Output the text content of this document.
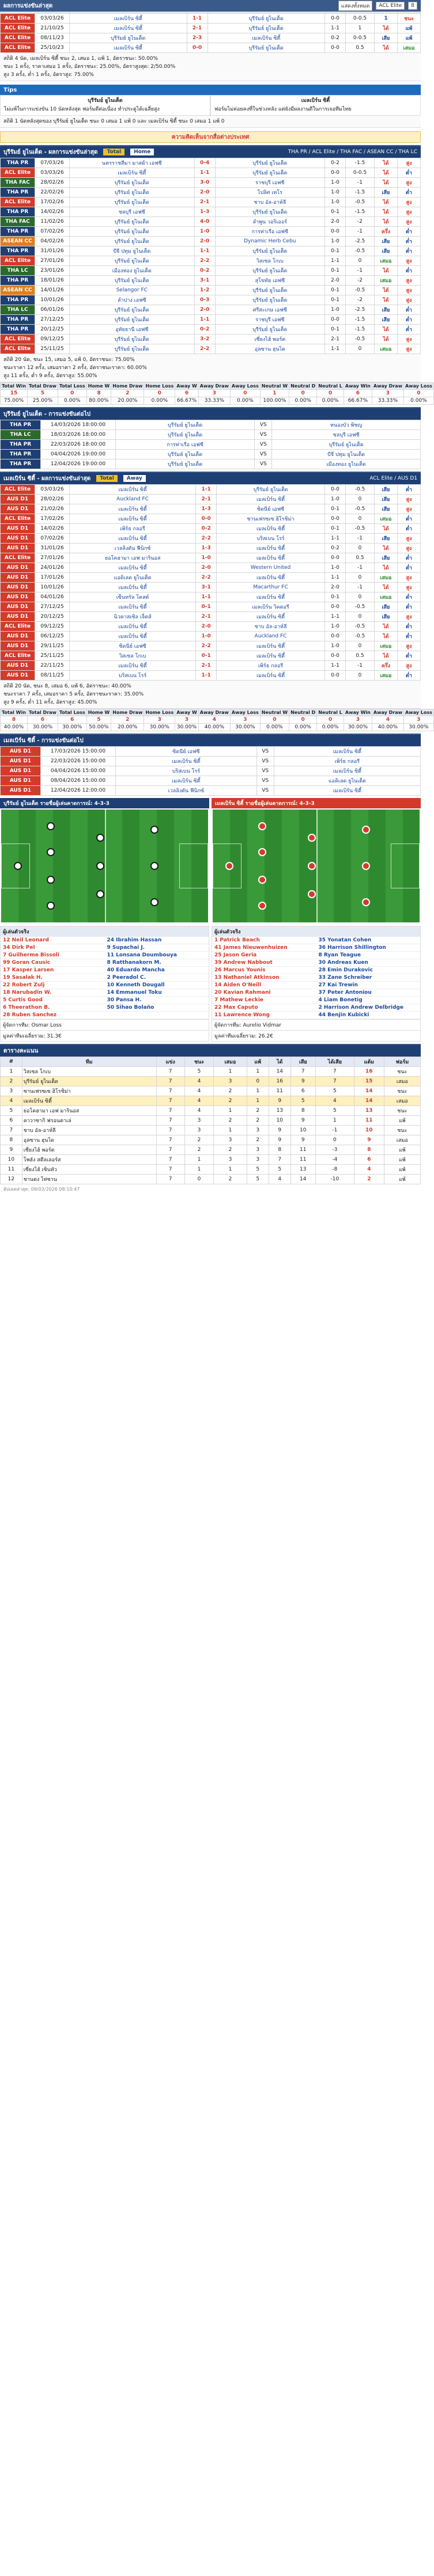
ผลการแข่งขันล่าสุด	แสดงทั้งหมด	ACL Elite	8

ACL Elite	03/03/26	เมลเบิร์น ซิตี้	1-1	บุรีรัมย์ ยูไนเต็ด	0-0	0-0.5	1	ชนะ
ACL Elite	21/10/25	เมลเบิร์น ซิตี้	2-1	บุรีรัมย์ ยูไนเต็ด	1-1	1	ได้	แพ้
ACL Elite	08/11/23	บุรีรัมย์ ยูไนเต็ด	2-3	เมลเบิร์น ซิตี้	0-2	0-0.5	เสีย	แพ้
ACL Elite	25/10/23	เมลเบิร์น ซิตี้	0-0	บุรีรัมย์ ยูไนเต็ด	0-0	0.5	ได้	เสมอ
สถิติ 4 นัด, เมลเบิร์น ซิตี้ ชนะ 2, เสมอ 1, แพ้ 1, อัตราชนะ: 50.00%
ชนะ 1 ครั้ง, ราคาเสมอ 1 ครั้ง, อัตราชนะ: 25.00%, อัตราสูงสุด: 2/50.00%
สูง 3 ครั้ง, ต่ำ 1 ครั้ง, อัตราสูง: 75.00%
Tips
บุรีรัมย์ ยูไนเต็ด
ไม่แพ้ในการแข่งขัน 10 นัดหลังสุด ฟอร์มดีต่อเนื่อง ทำประตูได้เฉลี่ยสูง
เมลเบิร์น ซิตี้
ฟอร์มไม่ค่อยคงที่ในช่วงหลัง แต่ยังมีผลงานดีในการเจอทีมไทย
สถิติ 1 นัดหลังสุดของ บุรีรัมย์ ยูไนเต็ด ชนะ 0 เสมอ 1 แพ้ 0 และ เมลเบิร์น ซิตี้ ชนะ 0 เสมอ 1 แพ้ 0
ความคิดเห็นจากสื่อต่างประเทศ
บุรีรัมย์ ยูไนเต็ด - ผลการแข่งขันล่าสุด	Total	Home	THA PR / ACL Elite / THA FAC / ASEAN CC / THA LC
THA PR	07/03/26	นครราชสีมา มาสด้า เอฟซี	0-4	บุรีรัมย์ ยูไนเต็ด	0-2	-1.5	ได้	สูง
ACL Elite	03/03/26	เมลเบิร์น ซิตี้	1-1	บุรีรัมย์ ยูไนเต็ด	0-0	0-0.5	ได้	ต่ำ
THA FAC	28/02/26	บุรีรัมย์ ยูไนเต็ด	3-0	ราชบุรี เอฟซี	1-0	-1	ได้	สูง
THA PR	22/02/26	บุรีรัมย์ ยูไนเต็ด	2-0	โปลิศ เทโร	1-0	-1.5	เสีย	ต่ำ
ACL Elite	17/02/26	บุรีรัมย์ ยูไนเต็ด	2-1	ชาบ อัล-อาห์ลี	1-0	-0.5	ได้	สูง
THA PR	14/02/26	ชลบุรี เอฟซี	1-3	บุรีรัมย์ ยูไนเต็ด	0-1	-1.5	ได้	สูง
THA FAC	11/02/26	บุรีรัมย์ ยูไนเต็ด	4-0	ลำพูน วอริเออร์	2-0	-2	ได้	สูง
THA PR	07/02/26	บุรีรัมย์ ยูไนเต็ด	1-0	การท่าเรือ เอฟซี	0-0	-1	ครึ่ง	ต่ำ
ASEAN CC	04/02/26	บุรีรัมย์ ยูไนเต็ด	2-0	Dynamic Herb Cebu	1-0	-2.5	เสีย	ต่ำ
THA PR	31/01/26	บีจี ปทุม ยูไนเต็ด	1-1	บุรีรัมย์ ยูไนเต็ด	0-1	-0.5	เสีย	ต่ำ
ACL Elite	27/01/26	บุรีรัมย์ ยูไนเต็ด	2-2	วิสเซล โกเบ	1-1	0	เสมอ	สูง
THA LC	23/01/26	เมืองทอง ยูไนเต็ด	0-2	บุรีรัมย์ ยูไนเต็ด	0-1	-1	ได้	ต่ำ
THA PR	18/01/26	บุรีรัมย์ ยูไนเต็ด	3-1	สุโขทัย เอฟซี	2-0	-2	เสมอ	สูง
ASEAN CC	14/01/26	Selangor FC	1-2	บุรีรัมย์ ยูไนเต็ด	0-1	-0.5	ได้	สูง
THA PR	10/01/26	ลำปาง เอฟซี	0-3	บุรีรัมย์ ยูไนเต็ด	0-1	-2	ได้	สูง
THA LC	06/01/26	บุรีรัมย์ ยูไนเต็ด	2-0	ศรีสะเกษ เอฟซี	1-0	-2.5	เสีย	ต่ำ
THA PR	27/12/25	บุรีรัมย์ ยูไนเต็ด	1-1	ราชบุรี เอฟซี	0-0	-1.5	เสีย	ต่ำ
THA PR	20/12/25	อุทัยธานี เอฟซี	0-2	บุรีรัมย์ ยูไนเต็ด	0-1	-1.5	ได้	ต่ำ
ACL Elite	09/12/25	บุรีรัมย์ ยูไนเต็ด	3-2	เซี่ยงไฮ้ พอร์ต	2-1	-0.5	ได้	สูง
ACL Elite	25/11/25	บุรีรัมย์ ยูไนเต็ด	2-2	อุลซาน ฮุนได	1-1	0	เสมอ	สูง
สถิติ 20 นัด, ชนะ 15, เสมอ 5, แพ้ 0, อัตราชนะ: 75.00%
ชนะราคา 12 ครั้ง, เสมอราคา 2 ครั้ง, อัตราชนะราคา: 60.00%
สูง 11 ครั้ง, ต่ำ 9 ครั้ง, อัตราสูง: 55.00%
Total Win	Total Draw	Total Loss	Home W	Home Draw	Home Loss	Away W	Away Draw	Away Loss	Neutral W	Neutral D	Neutral L	Away Win	Away Draw	Away Loss
15	5	0	8	2	0	6	3	0	1	0	0	6	3	0
75.00%	25.00%	0.00%	80.00%	20.00%	0.00%	66.67%	33.33%	0.00%	100.00%	0.00%	0.00%	66.67%	33.33%	0.00%
บุรีรัมย์ ยูไนเต็ด - การแข่งขันต่อไป
THA PR	14/03/2026 18:00:00	บุรีรัมย์ ยูไนเต็ด	VS	หนองบัว พิชญ
THA LC	18/03/2026 18:00:00	บุรีรัมย์ ยูไนเต็ด	VS	ชลบุรี เอฟซี
THA PR	22/03/2026 18:00:00	การท่าเรือ เอฟซี	VS	บุรีรัมย์ ยูไนเต็ด
THA PR	04/04/2026 19:00:00	บุรีรัมย์ ยูไนเต็ด	VS	บีจี ปทุม ยูไนเต็ด
THA PR	12/04/2026 19:00:00	บุรีรัมย์ ยูไนเต็ด	VS	เมืองทอง ยูไนเต็ด
เมลเบิร์น ซิตี้ - ผลการแข่งขันล่าสุด	Total	Away	ACL Elite / AUS D1
ACL Elite	03/03/26	เมลเบิร์น ซิตี้	1-1	บุรีรัมย์ ยูไนเต็ด	0-0	-0.5	เสีย	ต่ำ
AUS D1	28/02/26	Auckland FC	2-1	เมลเบิร์น ซิตี้	1-0	0	เสีย	สูง
AUS D1	21/02/26	เมลเบิร์น ซิตี้	1-3	ซิดนีย์ เอฟซี	0-1	-0.5	เสีย	สูง
ACL Elite	17/02/26	เมลเบิร์น ซิตี้	0-0	ซานเฟรซเซ ฮิโรชิม่า	0-0	0	เสมอ	ต่ำ
AUS D1	14/02/26	เพิร์ธ กลอรี	0-2	เมลเบิร์น ซิตี้	0-1	-0.5	ได้	ต่ำ
AUS D1	07/02/26	เมลเบิร์น ซิตี้	2-2	บริสเบน โรร์	1-1	-1	เสีย	สูง
AUS D1	31/01/26	เวลลิงตัน ฟีนิกซ์	1-3	เมลเบิร์น ซิตี้	0-2	0	ได้	สูง
ACL Elite	27/01/26	ยอโคฮามา เอฟ มารินอส	1-0	เมลเบิร์น ซิตี้	0-0	0.5	เสีย	ต่ำ
AUS D1	24/01/26	เมลเบิร์น ซิตี้	2-0	Western United	1-0	-1	ได้	ต่ำ
AUS D1	17/01/26	แอดิเลด ยูไนเต็ด	2-2	เมลเบิร์น ซิตี้	1-1	0	เสมอ	สูง
AUS D1	10/01/26	เมลเบิร์น ซิตี้	3-1	Macarthur FC	2-0	-1	ได้	สูง
AUS D1	04/01/26	เซ็นทรัล โคสต์	1-1	เมลเบิร์น ซิตี้	0-1	0	เสมอ	ต่ำ
AUS D1	27/12/25	เมลเบิร์น ซิตี้	0-1	เมลเบิร์น วิคตอรี	0-0	-0.5	เสีย	ต่ำ
AUS D1	20/12/25	นิวคาสเซิล เจ็ตส์	2-1	เมลเบิร์น ซิตี้	1-1	0	เสีย	สูง
ACL Elite	09/12/25	เมลเบิร์น ซิตี้	2-0	ชาบ อัล-อาห์ลี	1-0	-0.5	ได้	ต่ำ
AUS D1	06/12/25	เมลเบิร์น ซิตี้	1-0	Auckland FC	0-0	-0.5	ได้	ต่ำ
AUS D1	29/11/25	ซิดนีย์ เอฟซี	2-2	เมลเบิร์น ซิตี้	1-0	0	เสมอ	สูง
ACL Elite	25/11/25	วิสเซล โกเบ	0-1	เมลเบิร์น ซิตี้	0-0	0.5	ได้	ต่ำ
AUS D1	22/11/25	เมลเบิร์น ซิตี้	2-1	เพิร์ธ กลอรี	1-1	-1	ครึ่ง	สูง
AUS D1	08/11/25	บริสเบน โรร์	1-1	เมลเบิร์น ซิตี้	0-0	0	เสมอ	ต่ำ
สถิติ 20 นัด, ชนะ 8, เสมอ 6, แพ้ 6, อัตราชนะ: 40.00%
ชนะราคา 7 ครั้ง, เสมอราคา 5 ครั้ง, อัตราชนะราคา: 35.00%
สูง 9 ครั้ง, ต่ำ 11 ครั้ง, อัตราสูง: 45.00%
Total Win	Total Draw	Total Loss	Home W	Home Draw	Home Loss	Away W	Away Draw	Away Loss	Neutral W	Neutral D	Neutral L	Away Win	Away Draw	Away Loss
8	6	6	5	2	3	3	4	3	0	0	0	3	4	3
40.00%	30.00%	30.00%	50.00%	20.00%	30.00%	30.00%	40.00%	30.00%	0.00%	0.00%	0.00%	30.00%	40.00%	30.00%
เมลเบิร์น ซิตี้ - การแข่งขันต่อไป
AUS D1	17/03/2026 15:00:00	ซิดนีย์ เอฟซี	VS	เมลเบิร์น ซิตี้
AUS D1	22/03/2026 15:00:00	เมลเบิร์น ซิตี้	VS	เพิร์ธ กลอรี
AUS D1	04/04/2026 15:00:00	บริสเบน โรร์	VS	เมลเบิร์น ซิตี้
AUS D1	08/04/2026 15:00:00	เมลเบิร์น ซิตี้	VS	แอดิเลด ยูไนเต็ด
AUS D1	12/04/2026 12:00:00	เวลลิงตัน ฟีนิกซ์	VS	เมลเบิร์น ซิตี้
บุรีรัมย์ ยูไนเต็ด รายชื่อผู้เล่นคาดการณ์: 4-3-3	เมลเบิร์น ซิตี้ รายชื่อผู้เล่นคาดการณ์: 4-3-3
ผู้เล่นตัวจริง
12 Neil Leonard	24 Ibrahim Hassan
34 Dirk Pel	9 Supachai J.
7 Guilherme Bissoli	11 Lonsana Doumbouya
99 Goran Causic	8 Ratthanakorn M.
17 Kasper Larsen	40 Eduardo Mancha
19 Sasalak H.	2 Peeradol C.
22 Robert Zulj	10 Kenneth Dougall
18 Narubadin W.	14 Emmanuel Toku
5 Curtis Good	30 Pansa H.
6 Theerathon B.	50 Sihao Bolaño
28 Ruben Sanchez
ผู้จัดการทีม: Osmar Loss
มูลค่าทีมเฉลี่ยรวม: 31.3€
ผู้เล่นตัวจริง
1 Patrick Beach	35 Yonatan Cohen
41 James Nieuwenhuizen	36 Harrison Shillington
25 Jason Geria	8 Ryan Teague
39 Andrew Nabbout	30 Andreas Kuen
26 Marcus Younis	28 Emin Durakovic
13 Nathaniel Atkinson	33 Zane Schreiber
14 Aiden O'Neill	27 Kai Trewin
20 Kavian Rahmani	37 Peter Antoniou
7 Mathew Leckie	4 Liam Bonetig
22 Max Caputo	2 Harrison Andrew Delbridge
11 Lawrence Wong	44 Benjin Kubicki
ผู้จัดการทีม: Aurelio Vidmar
มูลค่าทีมเฉลี่ยรวม: 26.2€
ตารางคะแนน
#	ทีม	แข่ง	ชนะ	เสมอ	แพ้	ได้	เสีย	ได้เสีย	แต้ม	ฟอร์ม
1	วิสเซล โกเบ	7	5	1	1	14	7	7	16	ชนะ
2	บุรีรัมย์ ยูไนเต็ด	7	4	3	0	16	9	7	15	เสมอ
3	ซานเฟรซเซ ฮิโรชิม่า	7	4	2	1	11	6	5	14	ชนะ
4	เมลเบิร์น ซิตี้	7	4	2	1	9	5	4	14	เสมอ
5	ยอโคฮามา เอฟ มารินอส	7	4	1	2	13	8	5	13	ชนะ
6	คาวาซากิ ฟรอนตาเล่	7	3	2	2	10	9	1	11	แพ้
7	ชาบ อัล-อาห์ลี	7	3	1	3	9	10	-1	10	ชนะ
8	อุลซาน ฮุนได	7	2	3	2	9	9	0	9	เสมอ
9	เซี่ยงไฮ้ พอร์ต	7	2	2	3	8	11	-3	8	แพ้
10	โพฮัง สตีลเลอร์ส	7	1	3	3	7	11	-4	6	แพ้
11	เซี่ยงไฮ้ เซินหัว	7	1	1	5	5	13	-8	4	แพ้
12	ชานตง ไท่ซาน	7	0	2	5	4	14	-10	2	แพ้
อัปเดตล่าสุด: 09/03/2026 08:10:47
